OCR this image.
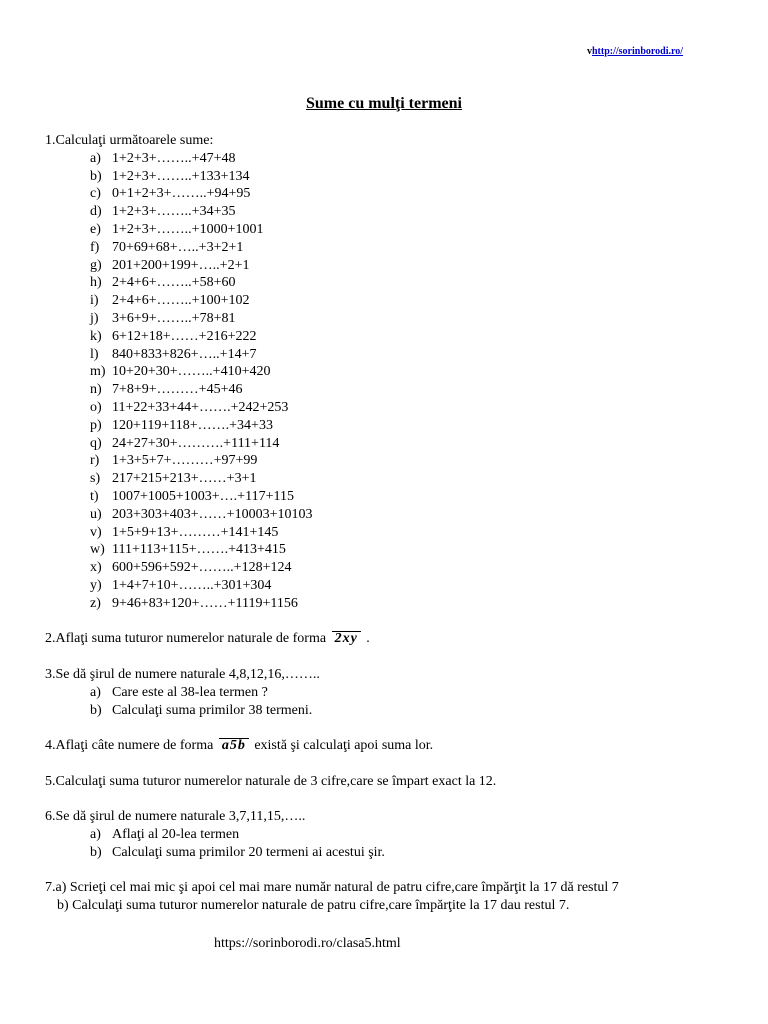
vhttp://sorinborodi.ro/
Sume cu mulţi termeni
1.Calculaţi următoarele sume:
a) 1+2+3+……..+47+48
b) 1+2+3+……..+133+134
c) 0+1+2+3+……..+94+95
d) 1+2+3+……..+34+35
e) 1+2+3+……..+1000+1001
f) 70+69+68+…..+3+2+1
g) 201+200+199+…..+2+1
h) 2+4+6+……..+58+60
i) 2+4+6+……..+100+102
j) 3+6+9+……..+78+81
k) 6+12+18+……+216+222
l) 840+833+826+…..+14+7
m) 10+20+30+……..+410+420
n) 7+8+9+………+45+46
o) 11+22+33+44+…….+242+253
p) 120+119+118+…….+34+33
q) 24+27+30+……….+111+114
r) 1+3+5+7+………+97+99
s) 217+215+213+……+3+1
t) 1007+1005+1003+….+117+115
u) 203+303+403+……+10003+10103
v) 1+5+9+13+………+141+145
w) 111+113+115+…….+413+415
x) 600+596+592+……..+128+124
y) 1+4+7+10+……..+301+304
z) 9+46+83+120+……+1119+1156
2.Aflaţi suma tuturor numerelor naturale de forma 2xy .
3.Se dă şirul de numere naturale 4,8,12,16,……..
a) Care este al 38-lea termen ?
b) Calculaţi suma primilor 38 termeni.
4.Aflaţi câte numere de forma a5b există şi calculaţi apoi suma lor.
5.Calculaţi suma tuturor numerelor naturale de 3 cifre,care se împart exact la 12.
6.Se dă şirul de numere naturale 3,7,11,15,…..
a) Aflaţi al 20-lea termen
b) Calculaţi suma primilor 20 termeni ai acestui şir.
7.a) Scrieţi cel mai mic şi apoi cel mai mare număr natural de patru cifre,care împărţit la 17 dă restul 7
b) Calculaţi suma tuturor numerelor naturale de patru cifre,care împărţite la 17 dau restul 7.
https://sorinborodi.ro/clasa5.html
